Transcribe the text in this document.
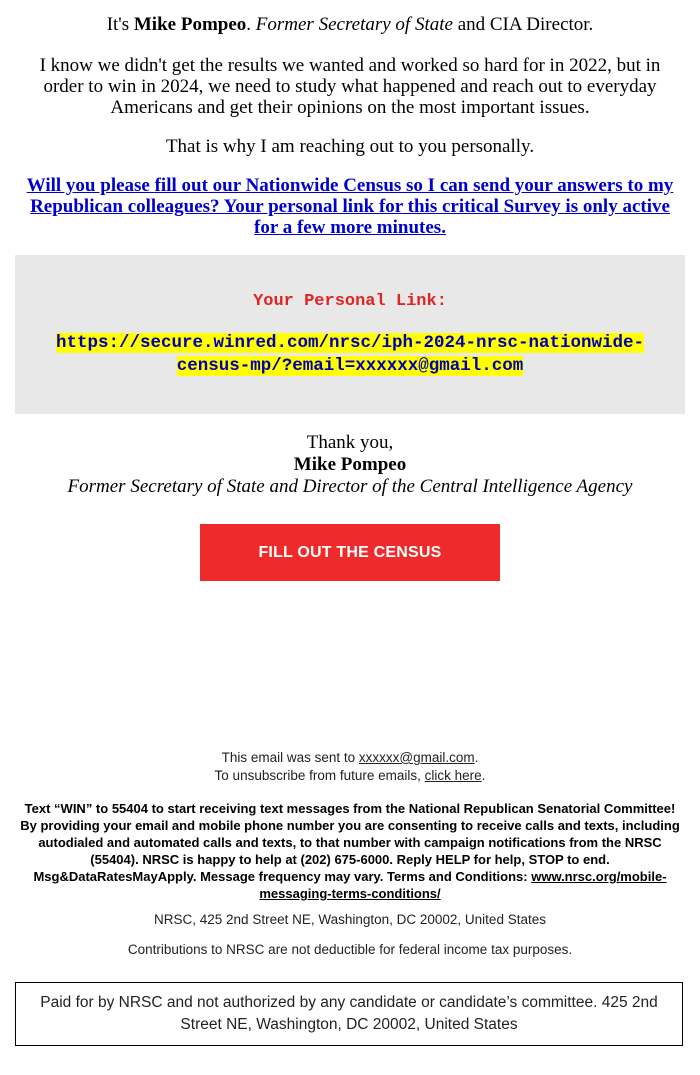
It's Mike Pompeo. Former Secretary of State and CIA Director.
I know we didn't get the results we wanted and worked so hard for in 2022, but in order to win in 2024, we need to study what happened and reach out to everyday Americans and get their opinions on the most important issues.
That is why I am reaching out to you personally.
Will you please fill out our Nationwide Census so I can send your answers to my Republican colleagues? Your personal link for this critical Survey is only active for a few more minutes.
Your Personal Link:
https://secure.winred.com/nrsc/iph-2024-nrsc-nationwide-census-mp/?email=xxxxxx@gmail.com
Thank you,
Mike Pompeo
Former Secretary of State and Director of the Central Intelligence Agency
FILL OUT THE CENSUS
This email was sent to xxxxxx@gmail.com.
To unsubscribe from future emails, click here.
Text “WIN” to 55404 to start receiving text messages from the National Republican Senatorial Committee! By providing your email and mobile phone number you are consenting to receive calls and texts, including autodialed and automated calls and texts, to that number with campaign notifications from the NRSC (55404). NRSC is happy to help at (202) 675-6000. Reply HELP for help, STOP to end. Msg&DataRatesMayApply. Message frequency may vary. Terms and Conditions: www.nrsc.org/mobile-messaging-terms-conditions/
NRSC, 425 2nd Street NE, Washington, DC 20002, United States
Contributions to NRSC are not deductible for federal income tax purposes.
Paid for by NRSC and not authorized by any candidate or candidate’s committee. 425 2nd Street NE, Washington, DC 20002, United States
